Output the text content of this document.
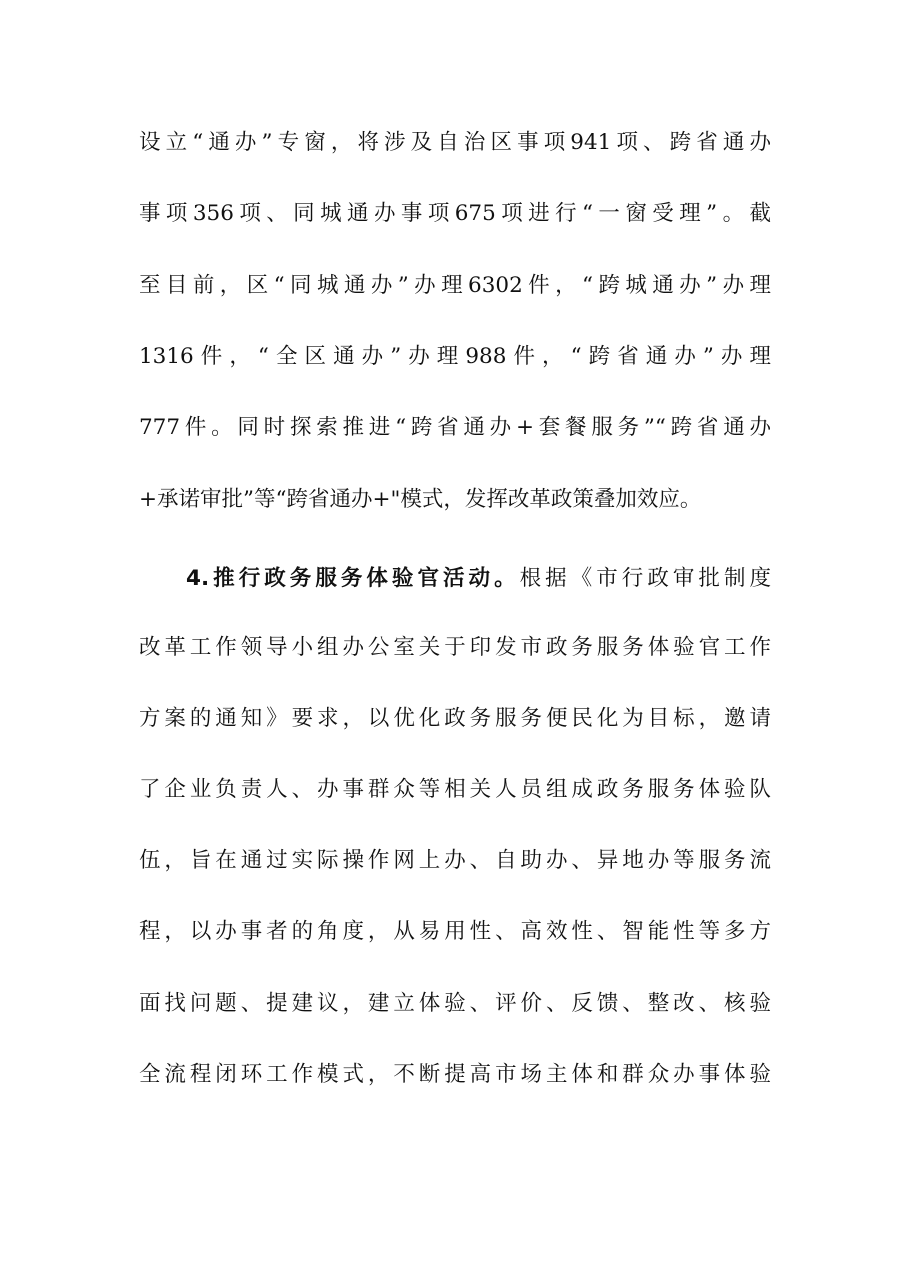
设立“通办”专窗，将涉及自治区事项941项、跨省通办
事项356项、同城通办事项675项进行“一窗受理”。截
至目前，区“同城通办”办理6302件，“跨城通办”办理
1316件，“全区通办”办理988件，“跨省通办”办理
777件。同时探索推进“跨省通办+套餐服务”“跨省通办
+承诺审批”等“跨省通办+"模式，发挥改革政策叠加效应。
4.推行政务服务体验官活动。根据《市行政审批制度
改革工作领导小组办公室关于印发市政务服务体验官工作
方案的通知》要求，以优化政务服务便民化为目标，邀请
了企业负责人、办事群众等相关人员组成政务服务体验队
伍，旨在通过实际操作网上办、自助办、异地办等服务流
程，以办事者的角度，从易用性、高效性、智能性等多方
面找问题、提建议，建立体验、评价、反馈、整改、核验
全流程闭环工作模式，不断提高市场主体和群众办事体验
